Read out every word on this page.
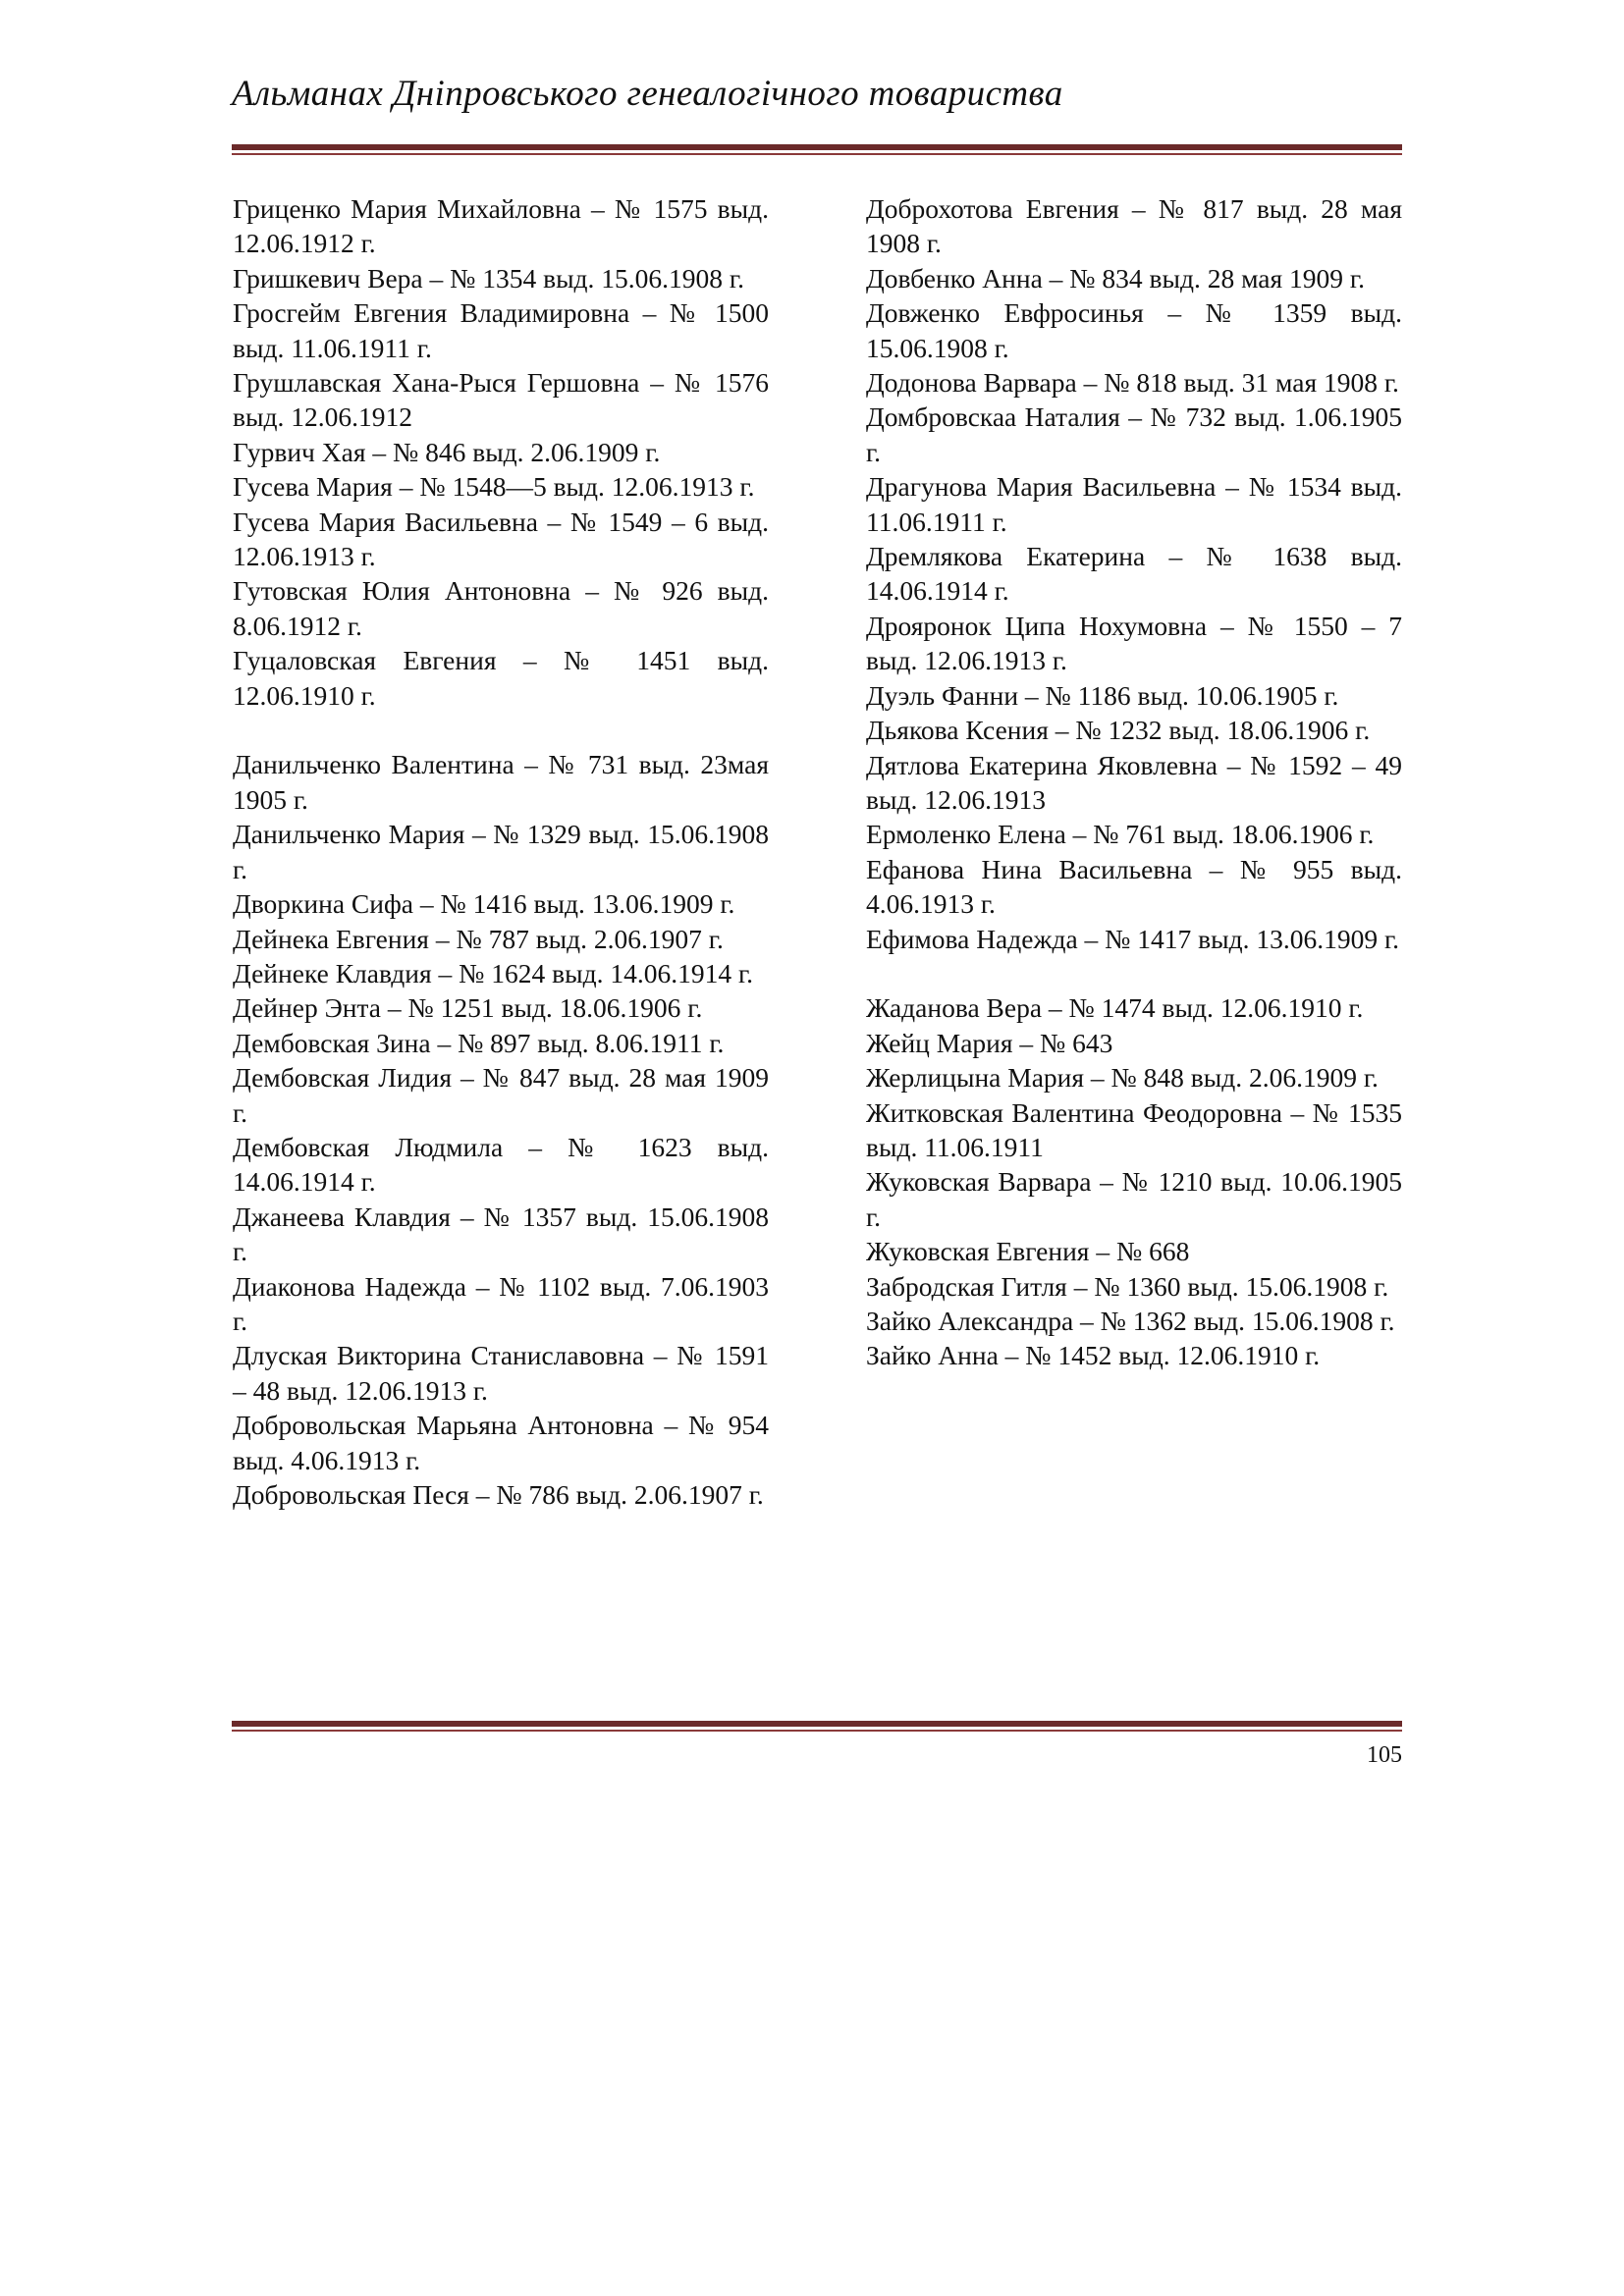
Альманах Дніпровського генеалогічного товариства

Гриценко Мария Михайловна – № 1575 выд. 12.06.1912 г.

Гришкевич Вера – № 1354 выд. 15.06.1908 г.

Гросгейм Евгения Владимировна – № 1500 выд. 11.06.1911 г.

Грушлавская Хана-Рыся Гершовна – № 1576 выд. 12.06.1912

Гурвич Хая – № 846 выд. 2.06.1909 г.

Гусева Мария – № 1548—5 выд. 12.06.1913 г.

Гусева Мария Васильевна – № 1549 – 6 выд. 12.06.1913 г.

Гутовская Юлия Антоновна – № 926 выд. 8.06.1912 г.

Гуцаловская Евгения – № 1451 выд. 12.06.1910 г.

Данильченко Валентина – № 731 выд. 23мая 1905 г.

Данильченко Мария – № 1329 выд. 15.06.1908 г.

Дворкина Сифа – № 1416 выд. 13.06.1909 г.

Дейнека Евгения – № 787 выд. 2.06.1907 г.

Дейнеке Клавдия – № 1624 выд. 14.06.1914 г.

Дейнер Энта – № 1251 выд. 18.06.1906 г.

Дембовская Зина – № 897 выд. 8.06.1911 г.

Дембовская Лидия – № 847 выд. 28 мая 1909 г.

Дембовская Людмила – № 1623 выд. 14.06.1914 г.

Джанеева Клавдия – № 1357 выд. 15.06.1908 г.

Диаконова Надежда – № 1102 выд. 7.06.1903 г.

Длуская Викторина Станиславовна – № 1591 – 48 выд. 12.06.1913 г.

Добровольская Марьяна Антоновна – № 954 выд. 4.06.1913 г.

Добровольская Песя – № 786 выд. 2.06.1907 г.

Доброхотова Евгения – № 817 выд. 28 мая 1908 г.

Довбенко Анна – № 834 выд. 28 мая 1909 г.

Довженко Евфросинья – № 1359 выд. 15.06.1908 г.

Додонова Варвара – № 818 выд. 31 мая 1908 г.

Домбровскаа Наталия – № 732 выд. 1.06.1905 г.

Драгунова Мария Васильевна – № 1534 выд. 11.06.1911 г.

Дремлякова Екатерина – № 1638 выд. 14.06.1914 г.

Дрояронок Ципа Нохумовна – № 1550 – 7 выд. 12.06.1913 г.

Дуэль Фанни – № 1186 выд. 10.06.1905 г.

Дьякова Ксения – № 1232 выд. 18.06.1906 г.

Дятлова Екатерина Яковлевна – № 1592 – 49 выд. 12.06.1913

Ермоленко Елена – № 761 выд. 18.06.1906 г.

Ефанова Нина Васильевна – № 955 выд. 4.06.1913 г.

Ефимова Надежда – № 1417 выд. 13.06.1909 г.

Жаданова Вера – № 1474 выд. 12.06.1910 г.

Жейц Мария – № 643

Жерлицына Мария – № 848 выд. 2.06.1909 г.

Житковская Валентина Феодоровна – № 1535 выд. 11.06.1911

Жуковская Варвара – № 1210 выд. 10.06.1905 г.

Жуковская Евгения – № 668

Забродская Гитля – № 1360 выд. 15.06.1908 г.

Зайко Александра – № 1362 выд. 15.06.1908 г.

Зайко Анна – № 1452 выд. 12.06.1910 г.

105
